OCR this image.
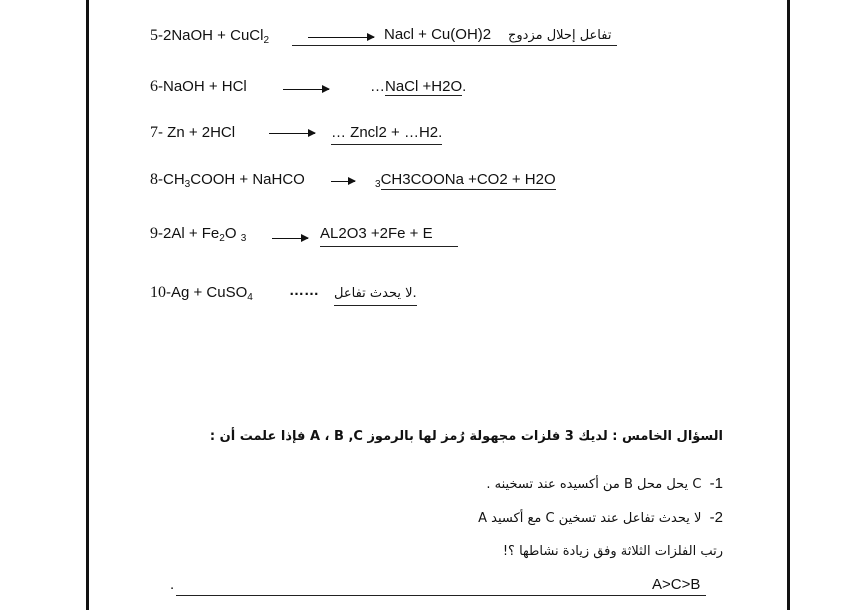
5-2NaOH + CuCl$_2$	Nacl + Cu(OH)2 تفاعل إحلال مزدوج
6-NaOH + HCl	…NaCl +H2O.
7- Zn + 2HCl → … Zncl2 + …H2.
$8-CH_3COOH$ + NaHCO → $_3$CH3COONa +CO2 + H2O
$9-2Al + Fe_2O$ $_3$ → AL2O3 +2Fe + E
10-Ag + CuSO$_4$ …… لا يحدث تفاعل.
السؤال الخامس : لديك 3 فلزات مجهولة رُمز لها بالرموز A ، B ,C فإذا علمت أن :
1-  C يحل محل B من أكسيده عند تسخينه .
2-  لا يحدث تفاعل عند تسخين C مع أكسيد A
رتب الفلزات الثلاثة وفق زيادة نشاطها ؟!
.	A>C>B
